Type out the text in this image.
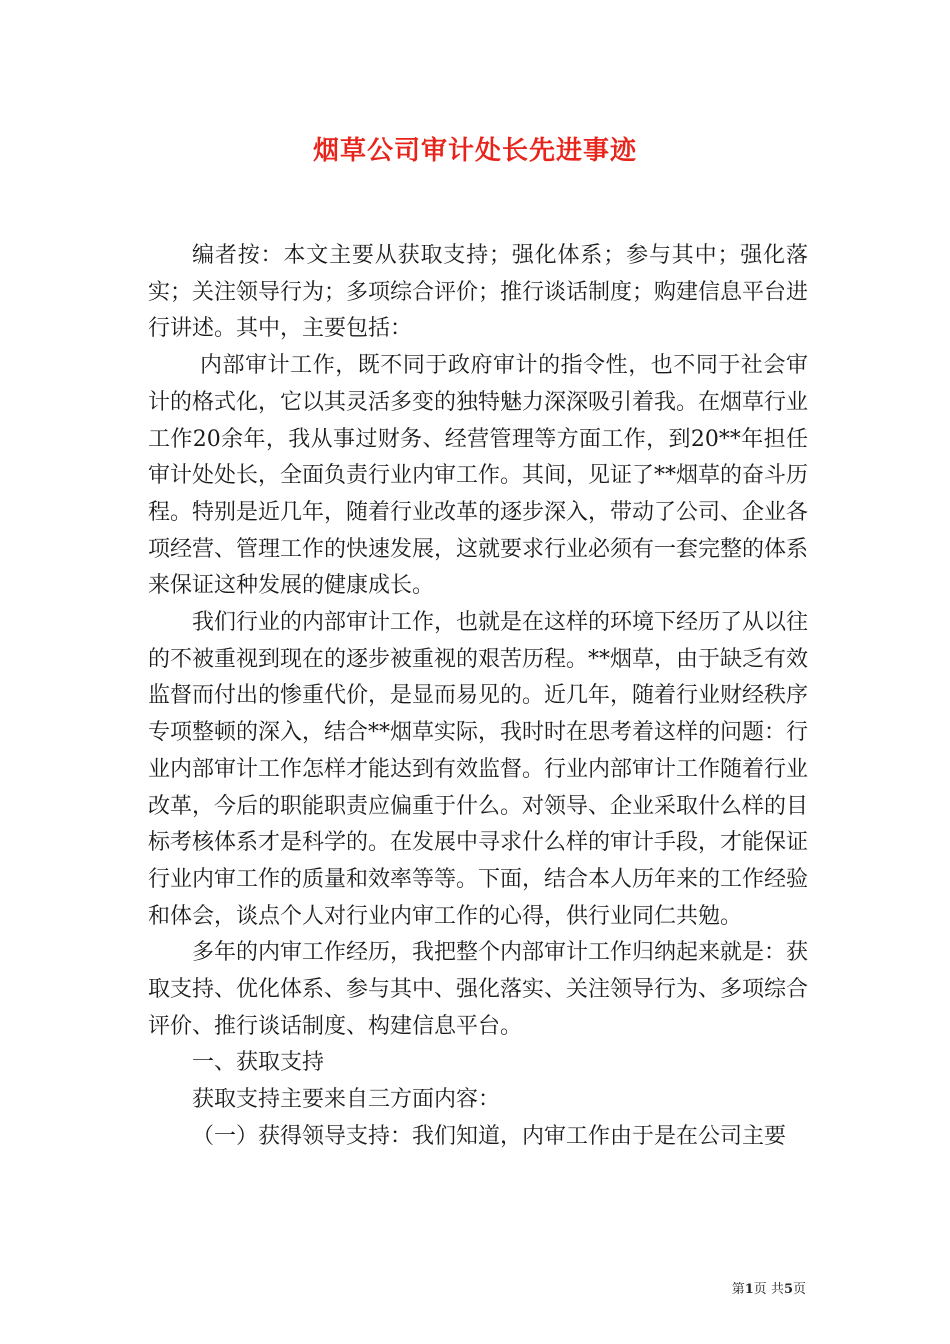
烟草公司审计处长先进事迹

编者按：本文主要从获取支持；强化体系；参与其中；强化落实；关注领导行为；多项综合评价；推行谈话制度；购建信息平台进行讲述。其中，主要包括：

内部审计工作，既不同于政府审计的指令性，也不同于社会审计的格式化，它以其灵活多变的独特魅力深深吸引着我。在烟草行业工作20余年，我从事过财务、经营管理等方面工作，到20**年担任审计处处长，全面负责行业内审工作。其间，见证了**烟草的奋斗历程。特别是近几年，随着行业改革的逐步深入，带动了公司、企业各项经营、管理工作的快速发展，这就要求行业必须有一套完整的体系来保证这种发展的健康成长。

我们行业的内部审计工作，也就是在这样的环境下经历了从以往的不被重视到现在的逐步被重视的艰苦历程。**烟草，由于缺乏有效监督而付出的惨重代价，是显而易见的。近几年，随着行业财经秩序专项整顿的深入，结合**烟草实际，我时时在思考着这样的问题：行业内部审计工作怎样才能达到有效监督。行业内部审计工作随着行业改革，今后的职能职责应偏重于什么。对领导、企业采取什么样的目标考核体系才是科学的。在发展中寻求什么样的审计手段，才能保证行业内审工作的质量和效率等等。下面，结合本人历年来的工作经验和体会，谈点个人对行业内审工作的心得，供行业同仁共勉。

多年的内审工作经历，我把整个内部审计工作归纳起来就是：获取支持、优化体系、参与其中、强化落实、关注领导行为、多项综合评价、推行谈话制度、构建信息平台。

一、获取支持

获取支持主要来自三方面内容：

（一）获得领导支持：我们知道，内审工作由于是在公司主要

第1页 共5页
